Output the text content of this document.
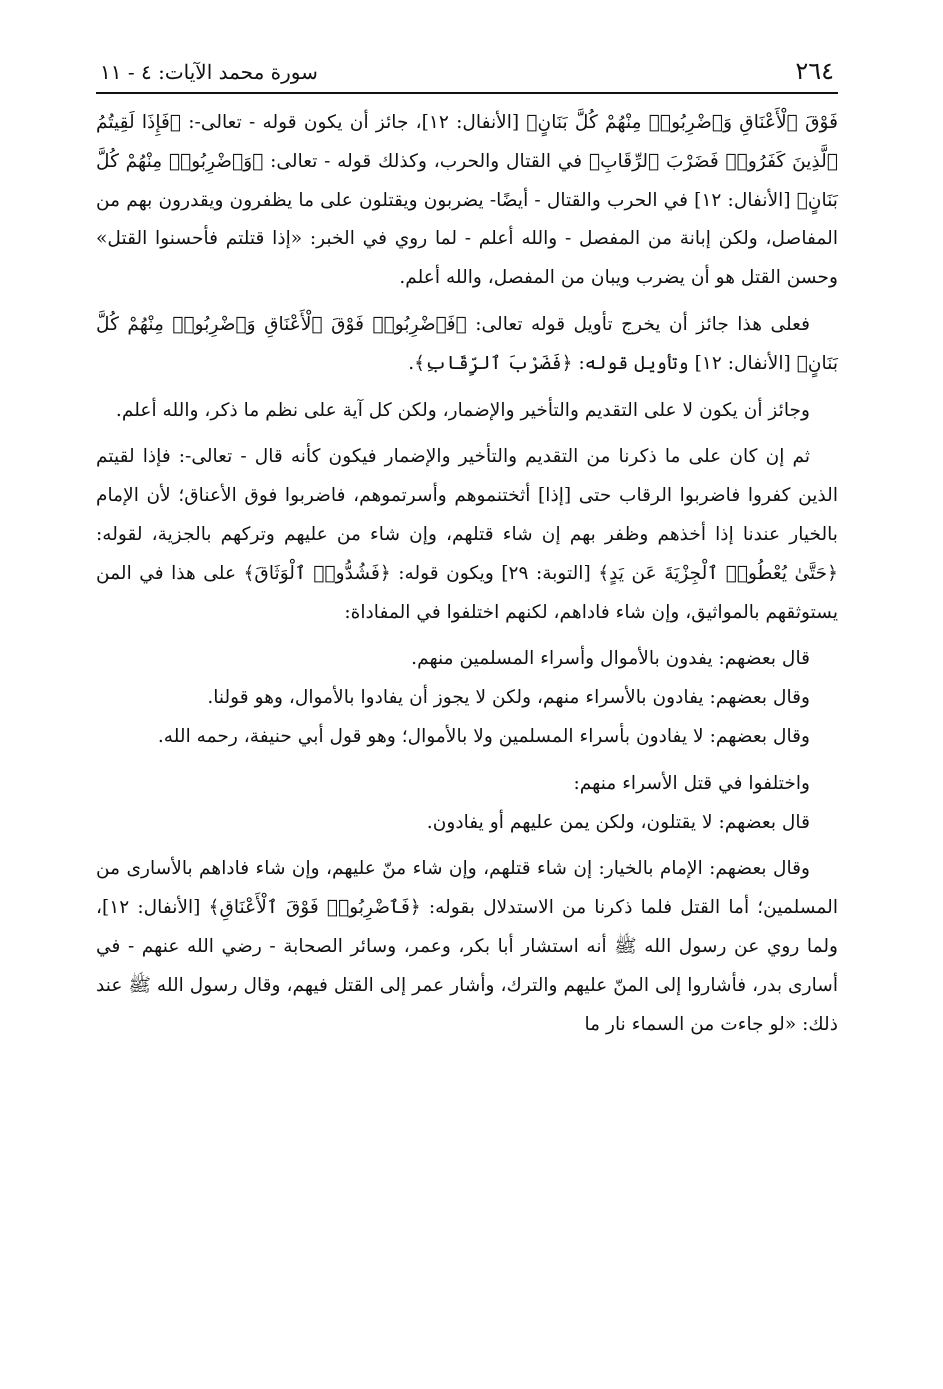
٢٦٤
سورة محمد الآيات: ٤ - ١١

فَوْقَ ٱلْأَعْنَاقِ وَٱضْرِبُوا۟ مِنْهُمْ كُلَّ بَنَانٍ﴾ [الأنفال: ١٢]، جائز أن يكون قوله - تعالى-: ﴿فَإِذَا لَقِيتُمُ ٱلَّذِينَ كَفَرُوا۟ فَضَرْبَ ٱلرِّقَابِ﴾ في القتال والحرب، وكذلك قوله - تعالى: ﴿وَٱضْرِبُوا۟ مِنْهُمْ كُلَّ بَنَانٍ﴾ [الأنفال: ١٢] في الحرب والقتال - أيضًا- يضربون ويقتلون على ما يظفرون ويقدرون بهم من المفاصل، ولكن إبانة من المفصل - والله أعلم - لما روي في الخبر: «إذا قتلتم فأحسنوا القتل» وحسن القتل هو أن يضرب ويبان من المفصل، والله أعلم.

فعلى هذا جائز أن يخرج تأويل قوله تعالى: ﴿فَٱضْرِبُوا۟ فَوْقَ ٱلْأَعْنَاقِ وَٱضْرِبُوا۟ مِنْهُمْ كُلَّ بَنَانٍ﴾ [الأنفال: ١٢] وتأويل قوله: ﴿فَضَرْبَ ٱلرِّقَابِ﴾.

وجائز أن يكون لا على التقديم والتأخير والإضمار، ولكن كل آية على نظم ما ذكر، والله أعلم.

ثم إن كان على ما ذكرنا من التقديم والتأخير والإضمار فيكون كأنه قال - تعالى-: فإذا لقيتم الذين كفروا فاضربوا الرقاب حتى [إذا] أثختنموهم وأسرتموهم، فاضربوا فوق الأعناق؛ لأن الإمام بالخيار عندنا إذا أخذهم وظفر بهم إن شاء قتلهم، وإن شاء من عليهم وتركهم بالجزية، لقوله: ﴿حَتَّىٰ يُعْطُوا۟ ٱلْجِزْيَةَ عَن يَدٍ﴾ [التوبة: ٢٩] ويكون قوله: ﴿فَشُدُّوا۟ ٱلْوَثَاقَ﴾ على هذا في المن يستوثقهم بالمواثيق، وإن شاء فاداهم، لكنهم اختلفوا في المفاداة:

قال بعضهم: يفدون بالأموال وأسراء المسلمين منهم.

وقال بعضهم: يفادون بالأسراء منهم، ولكن لا يجوز أن يفادوا بالأموال، وهو قولنا.

وقال بعضهم: لا يفادون بأسراء المسلمين ولا بالأموال؛ وهو قول أبي حنيفة، رحمه الله.

واختلفوا في قتل الأسراء منهم:

قال بعضهم: لا يقتلون، ولكن يمن عليهم أو يفادون.

وقال بعضهم: الإمام بالخيار: إن شاء قتلهم، وإن شاء منّ عليهم، وإن شاء فاداهم بالأسارى من المسلمين؛ أما القتل فلما ذكرنا من الاستدلال بقوله: ﴿فَٱضْرِبُوا۟ فَوْقَ ٱلْأَعْنَاقِ﴾ [الأنفال: ١٢]، ولما روي عن رسول الله ﷺ أنه استشار أبا بكر، وعمر، وسائر الصحابة - رضي الله عنهم - في أسارى بدر، فأشاروا إلى المنّ عليهم والترك، وأشار عمر إلى القتل فيهم، وقال رسول الله ﷺ عند ذلك: «لو جاءت من السماء نار ما
